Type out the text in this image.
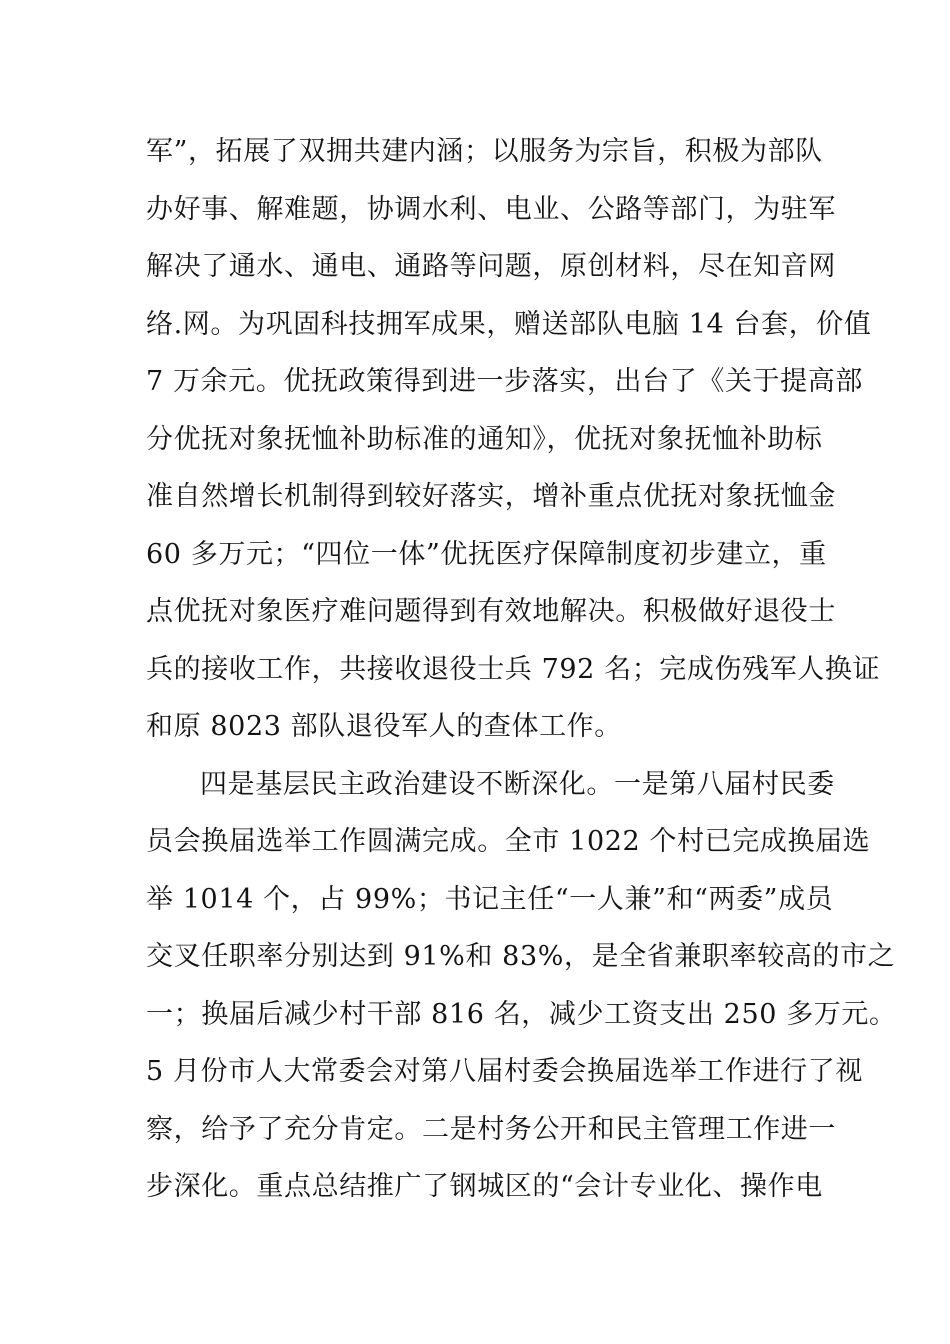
军”，拓展了双拥共建内涵；以服务为宗旨，积极为部队
办好事、解难题，协调水利、电业、公路等部门，为驻军
解决了通水、通电、通路等问题，原创材料，尽在知音网
络.网。为巩固科技拥军成果，赠送部队电脑 14 台套，价值
7 万余元。优抚政策得到进一步落实，出台了《关于提高部
分优抚对象抚恤补助标准的通知》，优抚对象抚恤补助标
准自然增长机制得到较好落实，增补重点优抚对象抚恤金
60 多万元；“四位一体”优抚医疗保障制度初步建立，重
点优抚对象医疗难问题得到有效地解决。积极做好退役士
兵的接收工作，共接收退役士兵 792 名；完成伤残军人换证
和原 8023 部队退役军人的查体工作。
四是基层民主政治建设不断深化。一是第八届村民委
员会换届选举工作圆满完成。全市 1022 个村已完成换届选
举 1014 个，占 99%；书记主任“一人兼”和“两委”成员
交叉任职率分别达到 91%和 83%，是全省兼职率较高的市之
一；换届后减少村干部 816 名，减少工资支出 250 多万元。
5 月份市人大常委会对第八届村委会换届选举工作进行了视
察，给予了充分肯定。二是村务公开和民主管理工作进一
步深化。重点总结推广了钢城区的“会计专业化、操作电
